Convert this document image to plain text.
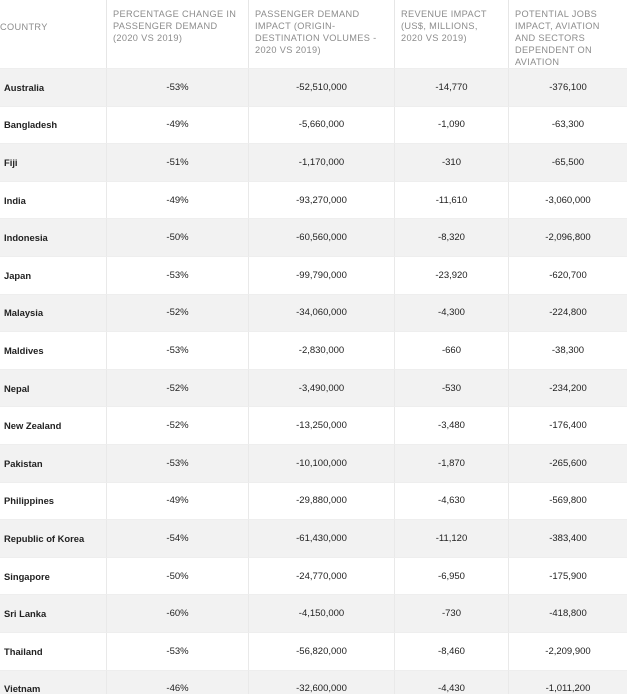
COUNTRY	PERCENTAGE CHANGE IN PASSENGER DEMAND (2020 VS 2019)	PASSENGER DEMAND IMPACT (ORIGIN-DESTINATION VOLUMES - 2020 VS 2019)	REVENUE IMPACT (US$, MILLIONS, 2020 VS 2019)	POTENTIAL JOBS IMPACT, AVIATION AND SECTORS DEPENDENT ON AVIATION
Australia	-53%	-52,510,000	-14,770	-376,100
Bangladesh	-49%	-5,660,000	-1,090	-63,300
Fiji	-51%	-1,170,000	-310	-65,500
India	-49%	-93,270,000	-11,610	-3,060,000
Indonesia	-50%	-60,560,000	-8,320	-2,096,800
Japan	-53%	-99,790,000	-23,920	-620,700
Malaysia	-52%	-34,060,000	-4,300	-224,800
Maldives	-53%	-2,830,000	-660	-38,300
Nepal	-52%	-3,490,000	-530	-234,200
New Zealand	-52%	-13,250,000	-3,480	-176,400
Pakistan	-53%	-10,100,000	-1,870	-265,600
Philippines	-49%	-29,880,000	-4,630	-569,800
Republic of Korea	-54%	-61,430,000	-11,120	-383,400
Singapore	-50%	-24,770,000	-6,950	-175,900
Sri Lanka	-60%	-4,150,000	-730	-418,800
Thailand	-53%	-56,820,000	-8,460	-2,209,900
Vietnam	-46%	-32,600,000	-4,430	-1,011,200
